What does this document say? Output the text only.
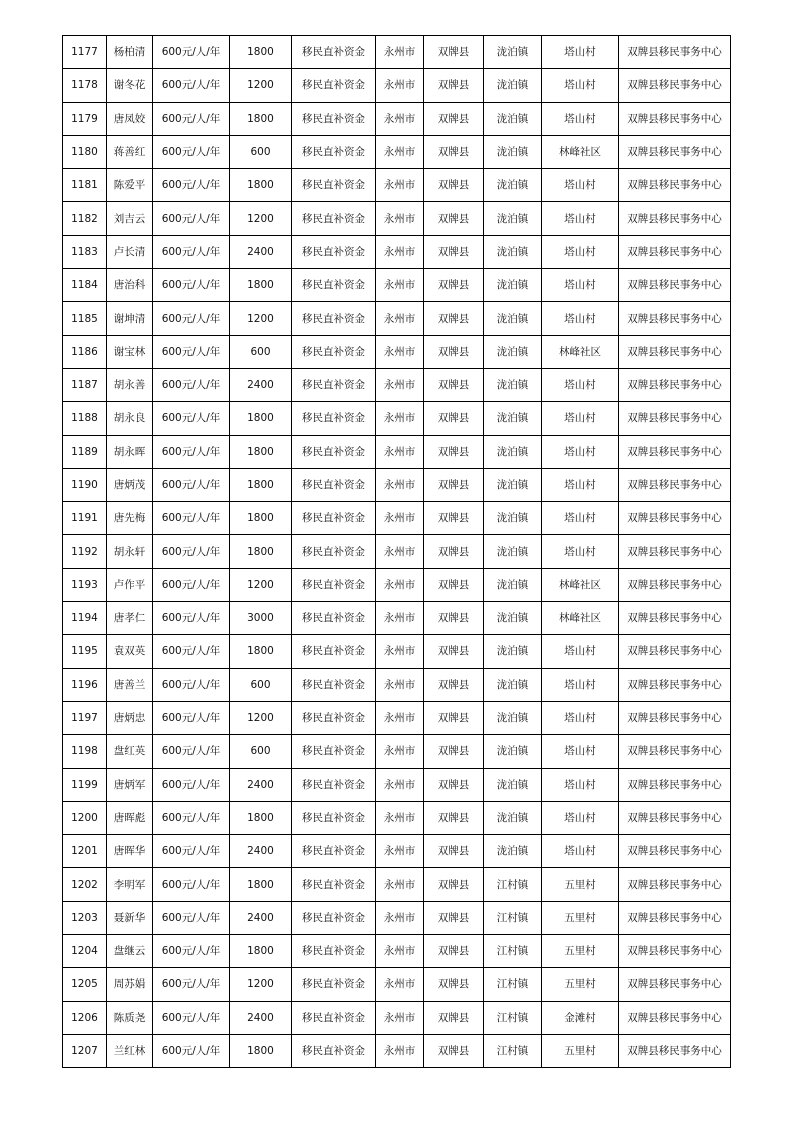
1177	杨柏清	600元/人/年	1800	移民直补资金	永州市	双牌县	泷泊镇	塔山村	双牌县移民事务中心
1178	谢冬花	600元/人/年	1200	移民直补资金	永州市	双牌县	泷泊镇	塔山村	双牌县移民事务中心
1179	唐凤姣	600元/人/年	1800	移民直补资金	永州市	双牌县	泷泊镇	塔山村	双牌县移民事务中心
1180	蒋善红	600元/人/年	600	移民直补资金	永州市	双牌县	泷泊镇	林峰社区	双牌县移民事务中心
1181	陈爱平	600元/人/年	1800	移民直补资金	永州市	双牌县	泷泊镇	塔山村	双牌县移民事务中心
1182	刘吉云	600元/人/年	1200	移民直补资金	永州市	双牌县	泷泊镇	塔山村	双牌县移民事务中心
1183	卢长清	600元/人/年	2400	移民直补资金	永州市	双牌县	泷泊镇	塔山村	双牌县移民事务中心
1184	唐治科	600元/人/年	1800	移民直补资金	永州市	双牌县	泷泊镇	塔山村	双牌县移民事务中心
1185	谢坤清	600元/人/年	1200	移民直补资金	永州市	双牌县	泷泊镇	塔山村	双牌县移民事务中心
1186	谢宝林	600元/人/年	600	移民直补资金	永州市	双牌县	泷泊镇	林峰社区	双牌县移民事务中心
1187	胡永善	600元/人/年	2400	移民直补资金	永州市	双牌县	泷泊镇	塔山村	双牌县移民事务中心
1188	胡永良	600元/人/年	1800	移民直补资金	永州市	双牌县	泷泊镇	塔山村	双牌县移民事务中心
1189	胡永晖	600元/人/年	1800	移民直补资金	永州市	双牌县	泷泊镇	塔山村	双牌县移民事务中心
1190	唐炳茂	600元/人/年	1800	移民直补资金	永州市	双牌县	泷泊镇	塔山村	双牌县移民事务中心
1191	唐先梅	600元/人/年	1800	移民直补资金	永州市	双牌县	泷泊镇	塔山村	双牌县移民事务中心
1192	胡永轩	600元/人/年	1800	移民直补资金	永州市	双牌县	泷泊镇	塔山村	双牌县移民事务中心
1193	卢作平	600元/人/年	1200	移民直补资金	永州市	双牌县	泷泊镇	林峰社区	双牌县移民事务中心
1194	唐孝仁	600元/人/年	3000	移民直补资金	永州市	双牌县	泷泊镇	林峰社区	双牌县移民事务中心
1195	袁双英	600元/人/年	1800	移民直补资金	永州市	双牌县	泷泊镇	塔山村	双牌县移民事务中心
1196	唐善兰	600元/人/年	600	移民直补资金	永州市	双牌县	泷泊镇	塔山村	双牌县移民事务中心
1197	唐炳忠	600元/人/年	1200	移民直补资金	永州市	双牌县	泷泊镇	塔山村	双牌县移民事务中心
1198	盘红英	600元/人/年	600	移民直补资金	永州市	双牌县	泷泊镇	塔山村	双牌县移民事务中心
1199	唐炳军	600元/人/年	2400	移民直补资金	永州市	双牌县	泷泊镇	塔山村	双牌县移民事务中心
1200	唐晖彪	600元/人/年	1800	移民直补资金	永州市	双牌县	泷泊镇	塔山村	双牌县移民事务中心
1201	唐晖华	600元/人/年	2400	移民直补资金	永州市	双牌县	泷泊镇	塔山村	双牌县移民事务中心
1202	李明军	600元/人/年	1800	移民直补资金	永州市	双牌县	江村镇	五里村	双牌县移民事务中心
1203	聂新华	600元/人/年	2400	移民直补资金	永州市	双牌县	江村镇	五里村	双牌县移民事务中心
1204	盘继云	600元/人/年	1800	移民直补资金	永州市	双牌县	江村镇	五里村	双牌县移民事务中心
1205	周苏娟	600元/人/年	1200	移民直补资金	永州市	双牌县	江村镇	五里村	双牌县移民事务中心
1206	陈质尧	600元/人/年	2400	移民直补资金	永州市	双牌县	江村镇	金滩村	双牌县移民事务中心
1207	兰红林	600元/人/年	1800	移民直补资金	永州市	双牌县	江村镇	五里村	双牌县移民事务中心
